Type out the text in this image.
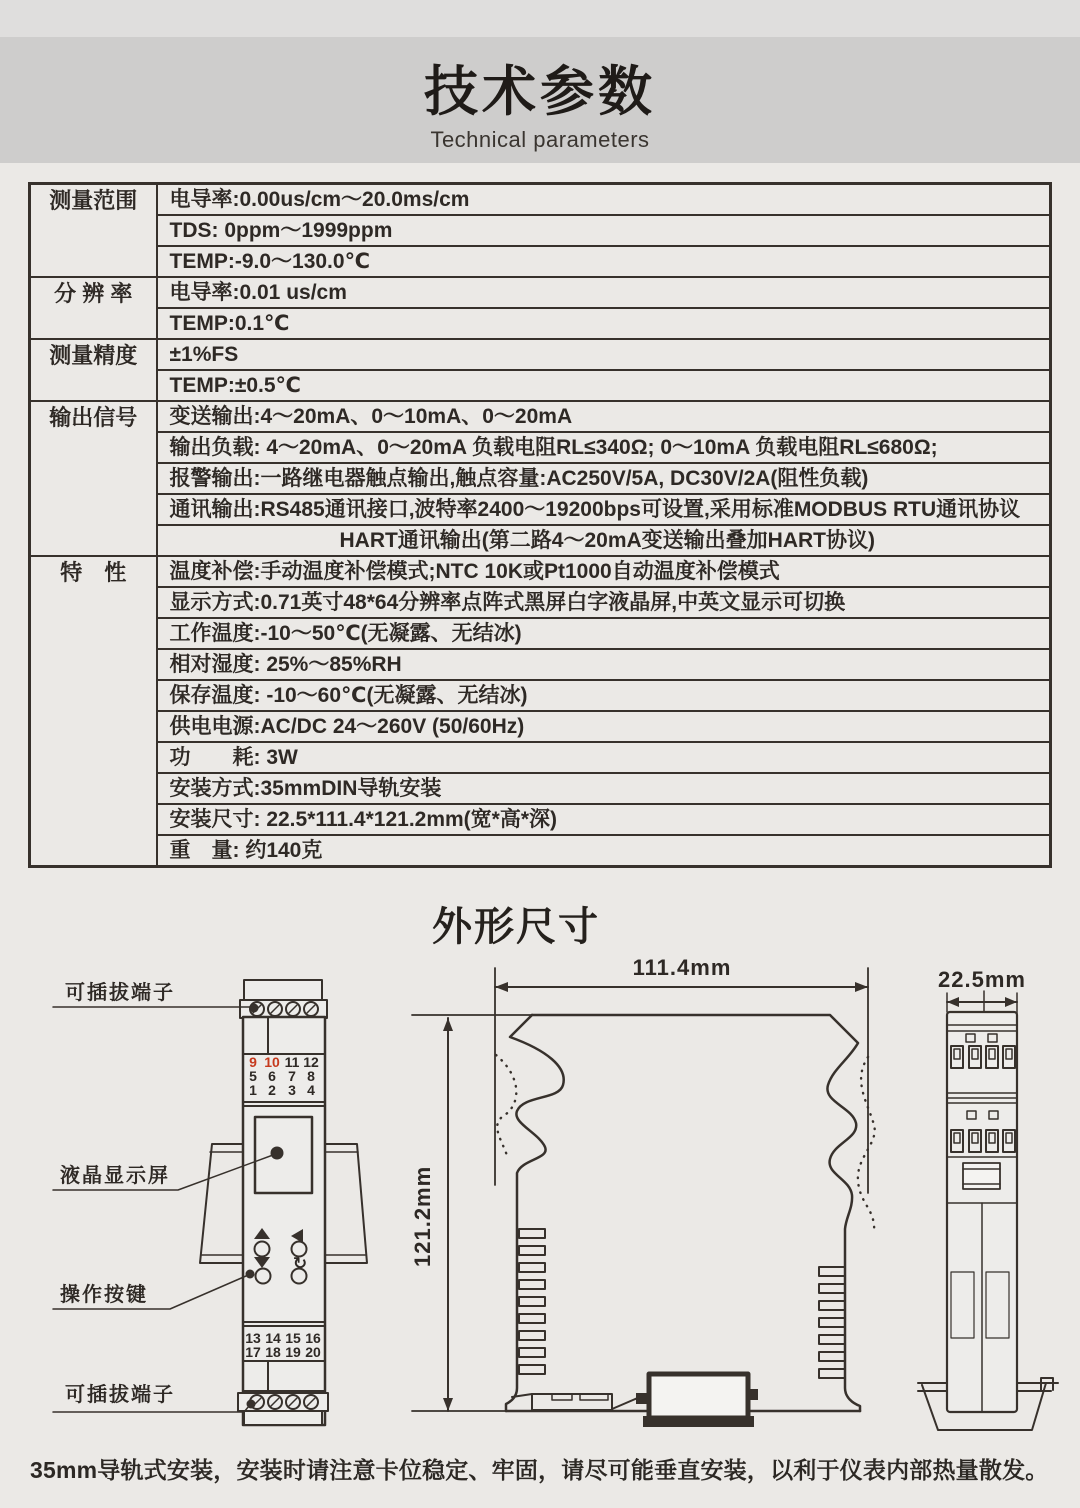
技术参数
Technical parameters
测量范围	电导率:0.00us/cm～20.0ms/cm
	TDS: 0ppm～1999ppm
	TEMP:-9.0～130.0℃
分 辨 率	电导率:0.01 us/cm
	TEMP:0.1℃
测量精度	±1%FS
	TEMP:±0.5℃
输出信号	变送输出:4～20mA、0～10mA、0～20mA
	输出负载: 4～20mA、0～20mA 负载电阻RL≤340Ω; 0～10mA 负载电阻RL≤680Ω;
	报警输出:一路继电器触点输出,触点容量:AC250V/5A, DC30V/2A(阻性负载)
	通讯输出:RS485通讯接口,波特率2400～19200bps可设置,采用标准MODBUS RTU通讯协议
	HART通讯输出(第二路4～20mA变送输出叠加HART协议)
特　性	温度补偿:手动温度补偿模式;NTC 10K或Pt1000自动温度补偿模式
	显示方式:0.71英寸48*64分辨率点阵式黑屏白字液晶屏,中英文显示可切换
	工作温度:-10～50℃(无凝露、无结冰)
	相对湿度: 25%～85%RH
	保存温度: -10～60℃(无凝露、无结冰)
	供电电源:AC/DC 24～260V (50/60Hz)
	功　　耗: 3W
	安装方式:35mmDIN导轨安装
	安装尺寸: 22.5*111.4*121.2mm(宽*高*深)
	重　量: 约140克
外形尺寸
9 10 11 12
5 6 7 8
1 2 3 4
↻
13 14 15 16
17 18 19 20
可插拔端子
液晶显示屏
操作按键
可插拔端子
111.4mm
121.2mm
22.5mm
35mm导轨式安装，安装时请注意卡位稳定、牢固，请尽可能垂直安装，以利于仪表内部热量散发。
